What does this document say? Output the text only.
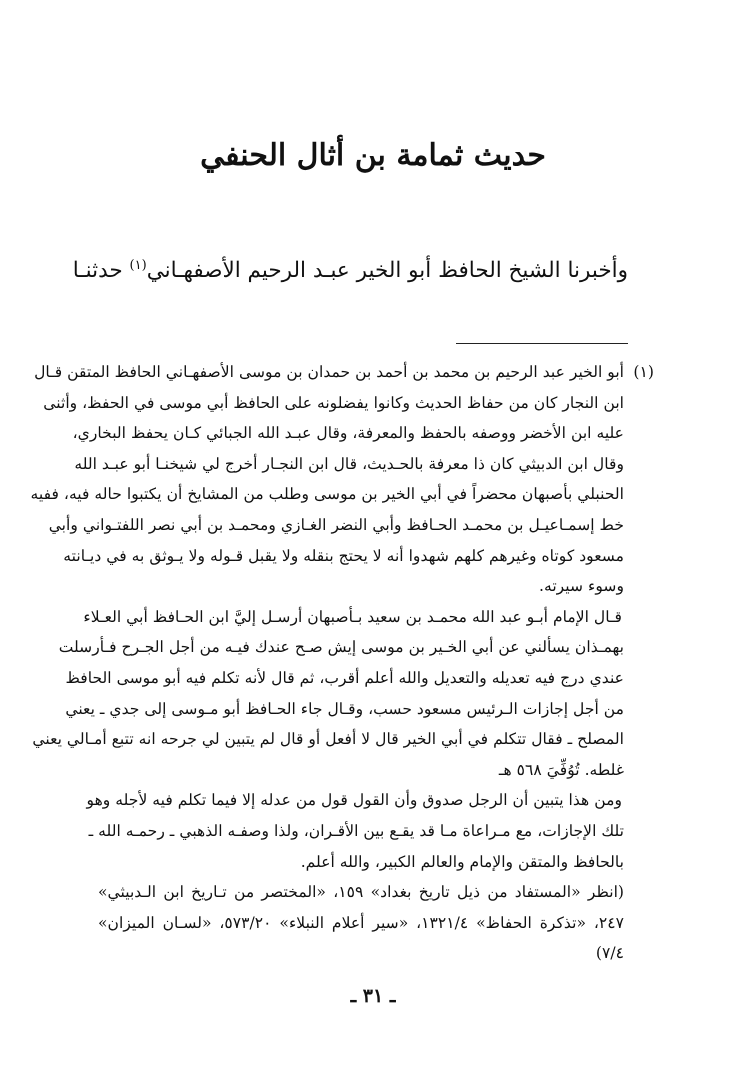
حديث ثمامة بن أثال الحنفي
وأخبرنا الشيخ الحافظ أبو الخير عبـد الرحيم الأصفهـاني$^{(١)}$ حدثنـا
(١)أبو الخير عبد الرحيم بن محمد بن أحمد بن حمدان بن موسى الأصفهـاني الحافظ المتقن قـال
ابن النجار كان من حفاظ الحديث وكانوا يفضلونه على الحافظ أبي موسى في الحفظ، وأثنى
عليه ابن الأخضر ووصفه بالحفظ والمعرفة، وقال عبـد الله الجبائي كـان يحفظ البخاري،
وقال ابن الدبيثي كان ذا معرفة بالحـديث، قال ابن النجـار أخرج لي شيخنـا أبو عبـد الله
الحنبلي بأصبهان محضراً في أبي الخير بن موسى وطلب من المشايخ أن يكتبوا حاله فيه، ففيه
خط إسمـاعيـل بن محمـد الحـافظ وأبي النضر الغـازي ومحمـد بن أبي نصر اللفتـواني وأبي
مسعود كوتاه وغيرهم كلهم شهدوا أنه لا يحتج بنقله ولا يقبل قـوله ولا يـوثق به في ديـانته
وسوء سيرته.
قـال الإمام أبـو عبد الله محمـد بن سعيد بـأصبهان أرسـل إليَّ ابن الحـافظ أبي العـلاء
بهمـذان يسألني عن أبي الخـير بن موسى إيش صـح عندك فيـه من أجل الجـرح فـأرسلت
عندي درج فيه تعديله والتعديل والله أعلم أقرب، ثم قال لأنه تكلم فيه أبو موسى الحافظ
من أجل إجازات الـرئيس مسعود حسب، وقـال جاء الحـافظ أبو مـوسى إلى جدي ـ يعني
المصلح ـ فقال تتكلم في أبي الخير قال لا أفعل أو قال لم يتبين لي جرحه انه تتبع أمـالي يعني
غلطه. تُوُفِّيَ ٥٦٨ هـ
ومن هذا يتبين أن الرجل صدوق وأن القول قول من عدله إلا فيما تكلم فيه لأجله وهو
تلك الإجازات، مع مـراعاة مـا قد يقـع بين الأقـران، ولذا وصفـه الذهبي ـ رحمـه الله ـ
بالحافظ والمتقن والإمام والعالم الكبير، والله أعلم.
(انظر «المستفاد من ذيل تاريخ بغداد» ١٥٩، «المختصر من تـاريخ ابن الـدبيثي»
٢٤٧، «تذكرة الحفاظ» ١٣٢١/٤، «سير أعلام النبلاء» ٥٧٣/٢٠، «لسـان الميزان»
٧/٤)
ـ ٣١ ـ
